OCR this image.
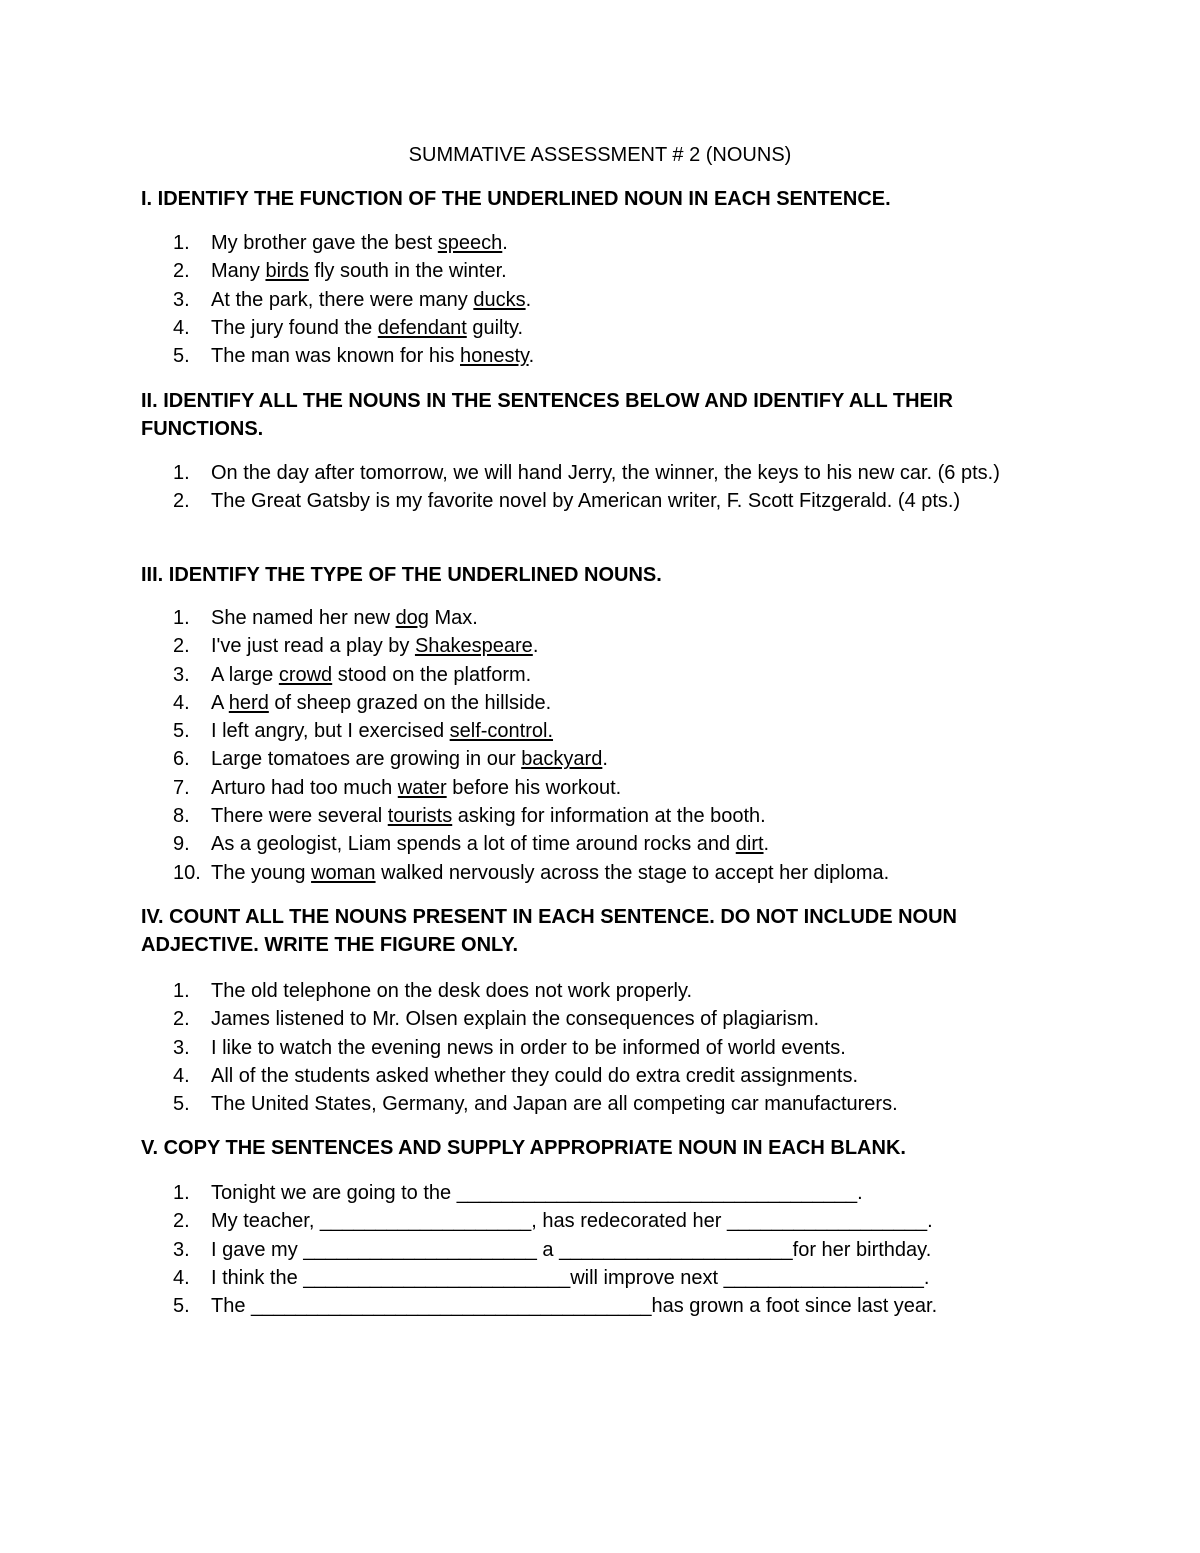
SUMMATIVE ASSESSMENT # 2 (NOUNS)
I. IDENTIFY THE FUNCTION OF THE UNDERLINED NOUN IN EACH SENTENCE.
1.	My brother gave the best speech.
2.	Many birds fly south in the winter.
3.	At the park, there were many ducks.
4.	The jury found the defendant guilty.
5.	The man was known for his honesty.
II. IDENTIFY ALL THE NOUNS IN THE SENTENCES BELOW AND IDENTIFY ALL THEIR FUNCTIONS.
1.	On the day after tomorrow, we will hand Jerry, the winner, the keys to his new car. (6 pts.)
2.	The Great Gatsby is my favorite novel by American writer, F. Scott Fitzgerald. (4 pts.)
III. IDENTIFY THE TYPE OF THE UNDERLINED NOUNS.
1.	She named her new dog Max.
2.	I've just read a play by Shakespeare.
3.	A large crowd stood on the platform.
4.	A herd of sheep grazed on the hillside.
5.	I left angry, but I exercised self-control.
6.	Large tomatoes are growing in our backyard.
7.	Arturo had too much water before his workout.
8.	There were several tourists asking for information at the booth.
9.	As a geologist, Liam spends a lot of time around rocks and dirt.
10. The young woman walked nervously across the stage to accept her diploma.
IV. COUNT ALL THE NOUNS PRESENT IN EACH SENTENCE. DO NOT INCLUDE NOUN ADJECTIVE. WRITE THE FIGURE ONLY.
1.	The old telephone on the desk does not work properly.
2.	James listened to Mr. Olsen explain the consequences of plagiarism.
3.	I like to watch the evening news in order to be informed of world events.
4.	All of the students asked whether they could do extra credit assignments.
5.	The United States, Germany, and Japan are all competing car manufacturers.
V. COPY THE SENTENCES AND SUPPLY APPROPRIATE NOUN IN EACH BLANK.
1.	Tonight we are going to the ____________________________________.
2.	My teacher, ___________________, has redecorated her __________________.
3.	I gave my _____________________ a _____________________for her birthday.
4.	I think the ________________________will improve next __________________.
5.	The ____________________________________has grown a foot since last year.
